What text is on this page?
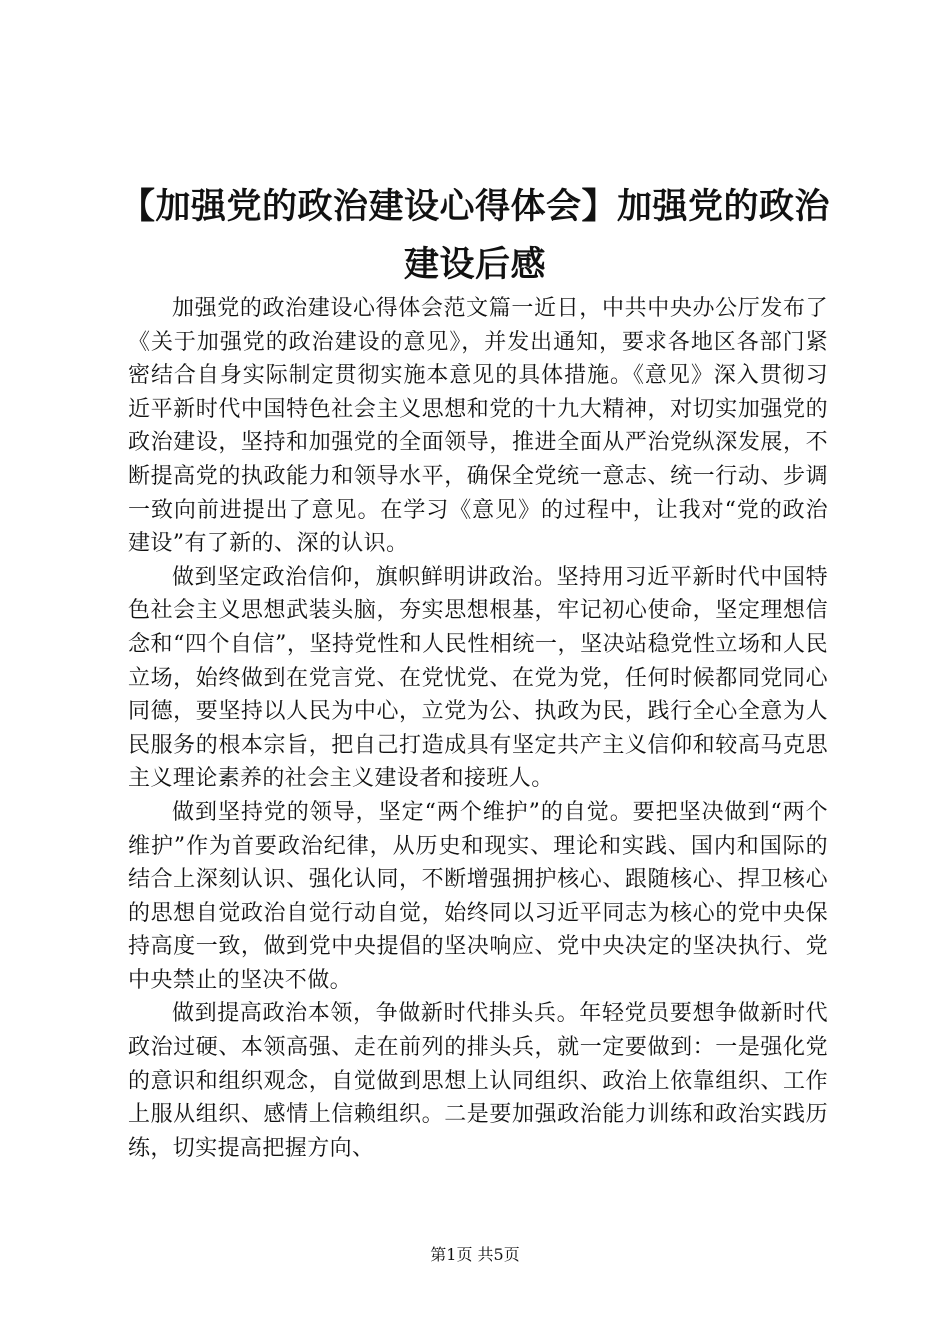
【加强党的政治建设心得体会】加强党的政治建设后感

加强党的政治建设心得体会范文篇一近日，中共中央办公厅发布了《关于加强党的政治建设的意见》，并发出通知，要求各地区各部门紧密结合自身实际制定贯彻实施本意见的具体措施。《意见》深入贯彻习近平新时代中国特色社会主义思想和党的十九大精神，对切实加强党的政治建设，坚持和加强党的全面领导，推进全面从严治党纵深发展，不断提高党的执政能力和领导水平，确保全党统一意志、统一行动、步调一致向前进提出了意见。在学习《意见》的过程中，让我对“党的政治建设”有了新的、深的认识。

做到坚定政治信仰，旗帜鲜明讲政治。坚持用习近平新时代中国特色社会主义思想武装头脑，夯实思想根基，牢记初心使命，坚定理想信念和“四个自信”，坚持党性和人民性相统一，坚决站稳党性立场和人民立场，始终做到在党言党、在党忧党、在党为党，任何时候都同党同心同德，要坚持以人民为中心，立党为公、执政为民，践行全心全意为人民服务的根本宗旨，把自己打造成具有坚定共产主义信仰和较高马克思主义理论素养的社会主义建设者和接班人。

做到坚持党的领导，坚定“两个维护”的自觉。要把坚决做到“两个维护”作为首要政治纪律，从历史和现实、理论和实践、国内和国际的结合上深刻认识、强化认同，不断增强拥护核心、跟随核心、捍卫核心的思想自觉政治自觉行动自觉，始终同以习近平同志为核心的党中央保持高度一致，做到党中央提倡的坚决响应、党中央决定的坚决执行、党中央禁止的坚决不做。

做到提高政治本领，争做新时代排头兵。年轻党员要想争做新时代政治过硬、本领高强、走在前列的排头兵，就一定要做到：一是强化党的意识和组织观念，自觉做到思想上认同组织、政治上依靠组织、工作上服从组织、感情上信赖组织。二是要加强政治能力训练和政治实践历练，切实提高把握方向、

第1页 共5页
